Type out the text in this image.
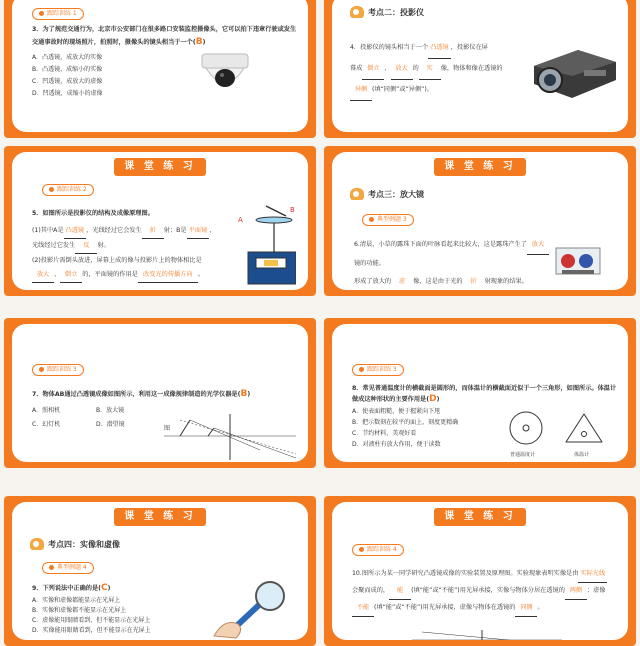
跟踪训练 1
3．为了规范交通行为，北京市公安部门在很多路口安装监控摄像头，它可以拍下违章行驶或发生交通事故时的现场照片，拍照时，摄像头的镜头相当于一个(B)
A．凸透镜，成放大的实像
B．凸透镜，成缩小的实像
C．凹透镜，成放大的虚像
D．凹透镜，成缩小的虚像
考点二：投影仪
4．投影仪的镜头相当于一个 凸透镜 ，投影仪在屏
幕成 倒立 、 放大 的 实 像，物体和像在透镜的
异侧 (填“同侧”或“异侧”)。
课 堂 练 习
跟踪训练 2
5．如图所示是投影仪的结构及成像原理图。
(1)其中A是 凸透镜 ，光线经过它会发生 折 射；B是 平面镜 ，
光线经过它发生 反 射。
(2)投影片需倒头放进，屏幕上成的像与投影片上的物体相比是
放大 、 倒立 的，平面镜的作用是 改变光的传播方向 。
B
A
课 堂 练 习
考点三：放大镜
典型例题 3
6.清晨，小草的露珠下面的叶脉看起来比较大，这是露珠产生了 放大镜的功能。
形成了放大的 虚 像，这是由于光的 折 射现象的结果。
跟踪训练 3
7．物体AB通过凸透镜成像如图所示，利用这一成像规律制造的光学仪器是(B)
A．照相机	B．放大镜
C．幻灯机	D．潜望镜
图
跟踪训练 3
8．常见普通温度计的横截面是圆形的，而体温计的横截面近似于一个三角形，如图所示。体温计做成这种形状的主要作用是(D)
A．使表面粗糙，便于握紧向下甩
B．把示数刻在较平的面上，刻度更精确
C．节约材料，美观好看
D．对液柱有放大作用，便于读数
普通温度计	体温计
课 堂 练 习
考点四：实像和虚像
典型例题 4
9．下列说法中正确的是(C)
A．实像和虚像都能显示在光屏上
B．实像和虚像都不能显示在光屏上
C．虚像能用眼睛看到，但不能显示在光屏上
D．实像能用眼睛看到，但不能显示在光屏上
课 堂 练 习
跟踪训练 4
10.图所示为某一同学研究凸透镜成像的实验装置及原理图。实验现象表明实像是由 实际光线
会聚而成的， 能 (填“能”或“不能”)用光屏承接，实像与物体分居在透镜的 两侧 ；虚像
不能 (填“能”或“不能”)用光屏承接，虚像与物体在透镜的 同侧 。
